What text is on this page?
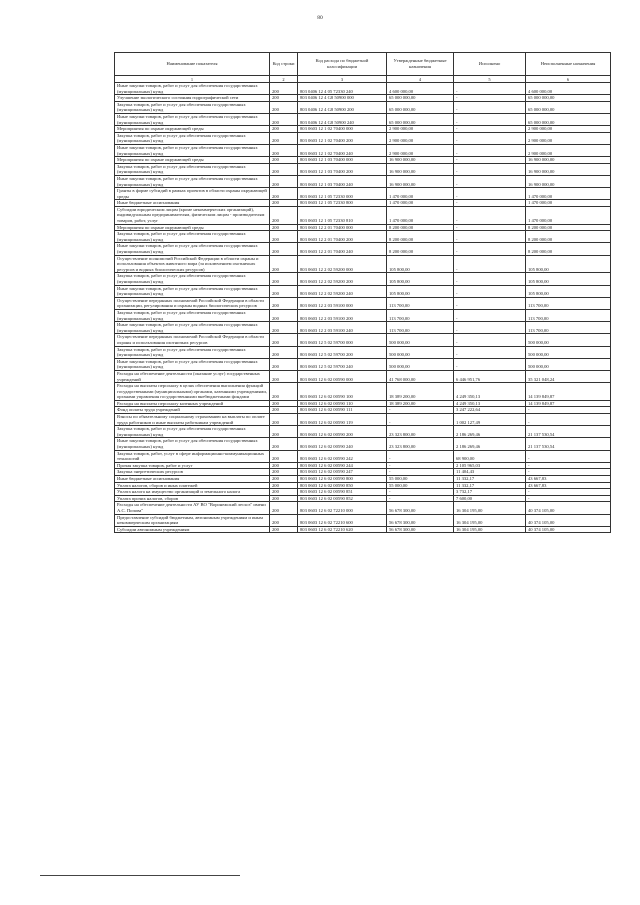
80
Наименование показателя	Код строки	Код расхода по бюджетной классификации	Утвержденные бюджетные назначения	Исполнено	Неисполненные назначения
1	2	3	4	5	6
Иные закупки товаров, работ и услуг для обеспечения государственных (муниципальных) нужд	200	803 0406 12 4 05 72330 240	4 600 000,00	-	4 600 000,00
Улучшение экологического состояния гидрографической сети	200	803 0406 12 4 G8 50900 000	65 000 000,00	-	65 000 000,00
Закупка товаров, работ и услуг для обеспечения государственных (муниципальных) нужд	200	803 0406 12 4 G8 50900 200	65 000 000,00	-	65 000 000,00
Иные закупки товаров, работ и услуг для обеспечения государственных (муниципальных) нужд	200	803 0406 12 4 G8 50900 240	65 000 000,00	-	65 000 000,00
Мероприятия по охране окружающей среды	200	803 0603 12 1 02 70400 000	2 900 000,00	-	2 900 000,00
Закупка товаров, работ и услуг для обеспечения государственных (муниципальных) нужд	200	803 0603 12 1 02 70400 200	2 900 000,00	-	2 900 000,00
Иные закупки товаров, работ и услуг для обеспечения государственных (муниципальных) нужд	200	803 0603 12 1 02 70400 240	2 900 000,00	-	2 900 000,00
Мероприятия по охране окружающей среды	200	803 0603 12 1 03 70400 000	16 900 000,00	-	16 900 000,00
Закупка товаров, работ и услуг для обеспечения государственных (муниципальных) нужд	200	803 0603 12 1 03 70400 200	16 900 000,00	-	16 900 000,00
Иные закупки товаров, работ и услуг для обеспечения государственных (муниципальных) нужд	200	803 0603 12 1 03 70400 240	16 900 000,00	-	16 900 000,00
Гранты в форме субсидий в рамках проектов в области охраны окружающей среды	200	803 0603 12 1 05 72330 000	1 470 000,00	-	1 470 000,00
Иные бюджетные ассигнования	200	803 0603 12 1 05 72330 800	1 470 000,00	-	1 470 000,00
Субсидии юридическим лицам (кроме некоммерческих организаций), индивидуальным предпринимателям, физическим лицам - производителям товаров, работ, услуг	200	803 0603 12 1 05 72330 810	1 470 000,00	-	1 470 000,00
Мероприятия по охране окружающей среды	200	803 0603 12 2 01 70400 000	8 200 000,00	-	8 200 000,00
Закупка товаров, работ и услуг для обеспечения государственных (муниципальных) нужд	200	803 0603 12 2 01 70400 200	8 200 000,00	-	8 200 000,00
Иные закупки товаров, работ и услуг для обеспечения государственных (муниципальных) нужд	200	803 0603 12 2 01 70400 240	8 200 000,00	-	8 200 000,00
Осуществление полномочий Российской Федерации в области охраны и использования объектов животного мира (за исключением охотничьих ресурсов и водных биологических ресурсов)	200	803 0603 12 2 02 59200 000	105 800,00	-	105 800,00
Закупка товаров, работ и услуг для обеспечения государственных (муниципальных) нужд	200	803 0603 12 2 02 59200 200	105 800,00	-	105 800,00
Иные закупки товаров, работ и услуг для обеспечения государственных (муниципальных) нужд	200	803 0603 12 2 02 59200 240	105 800,00	-	105 800,00
Осуществление переданных полномочий Российской Федерации в области организации, регулирования и охраны водных биологических ресурсов	200	803 0603 12 2 03 59100 000	113 700,00	-	113 700,00
Закупка товаров, работ и услуг для обеспечения государственных (муниципальных) нужд	200	803 0603 12 2 03 59100 200	113 700,00	-	113 700,00
Иные закупки товаров, работ и услуг для обеспечения государственных (муниципальных) нужд	200	803 0603 12 2 03 59100 240	113 700,00	-	113 700,00
Осуществление переданных полномочий Российской Федерации в области охраны и использования охотничьих ресурсов	200	803 0603 12 5 02 59700 000	500 000,00	-	500 000,00
Закупка товаров, работ и услуг для обеспечения государственных (муниципальных) нужд	200	803 0603 12 5 02 59700 200	500 000,00	-	500 000,00
Иные закупки товаров, работ и услуг для обеспечения государственных (муниципальных) нужд	200	803 0603 12 5 02 59700 240	500 000,00	-	500 000,00
Расходы на обеспечение деятельности (оказание услуг) государственных учреждений	200	803 0603 12 6 02 00590 000	41 768 000,00	6 446 951,76	35 321 048,24
Расходы на выплаты персоналу в целях обеспечения выполнения функций государственными (муниципальными) органами, казенными учреждениями, органами управления государственными внебюджетными фондами	200	803 0603 12 6 02 00590 100	18 389 200,00	4 249 350,13	14 139 849,87
Расходы на выплаты персоналу казенных учреждений	200	803 0603 12 6 02 00590 110	18 389 200,00	4 249 350,13	14 139 849,87
Фонд оплаты труда учреждений	200	803 0603 12 6 02 00590 111	-	3 247 222,64	-
Взносы по обязательному социальному страхованию на выплаты по оплате труда работников и иные выплаты работникам учреждений	200	803 0603 12 6 02 00590 119	-	1 002 127,49	-
Закупка товаров, работ и услуг для обеспечения государственных (муниципальных) нужд	200	803 0603 12 6 02 00590 200	23 323 800,00	2 186 269,46	21 137 530,54
Иные закупки товаров, работ и услуг для обеспечения государственных (муниципальных) нужд	200	803 0603 12 6 02 00590 240	23 323 800,00	2 186 269,46	21 137 530,54
Закупка товаров, работ, услуг в сфере информационно-коммуникационных технологий	200	803 0603 12 6 02 00590 242	-	68 900,00	-
Прочая закупка товаров, работ и услуг	200	803 0603 12 6 02 00590 244	-	2 105 965,03	-
Закупка энергетических ресурсов	200	803 0603 12 6 02 00590 247	-	11 404,43	-
Иные бюджетные ассигнования	200	803 0603 12 6 02 00590 800	55 000,00	11 332,17	43 667,83
Уплата налогов, сборов и иных платежей	200	803 0603 12 6 02 00590 850	55 000,00	11 332,17	43 667,83
Уплата налога на имущество организаций и земельного налога	200	803 0603 12 6 02 00590 851	-	3 732,17	-
Уплата прочих налогов, сборов	200	803 0603 12 6 02 00590 852	-	7 600,00	-
Расходы на обеспечение деятельности АУ ВО "Воронежский лесхоз" имени А.С. Попова"	200	803 0603 12 6 02 72210 000	56 678 300,00	16 304 195,00	40 374 105,00
Предоставление субсидий бюджетным, автономным учреждениям и иным некоммерческим организациям	200	803 0603 12 6 02 72210 600	56 678 300,00	16 304 195,00	40 374 105,00
Субсидии автономным учреждениям	200	803 0603 12 6 02 72210 620	56 678 300,00	16 304 195,00	40 374 105,00
